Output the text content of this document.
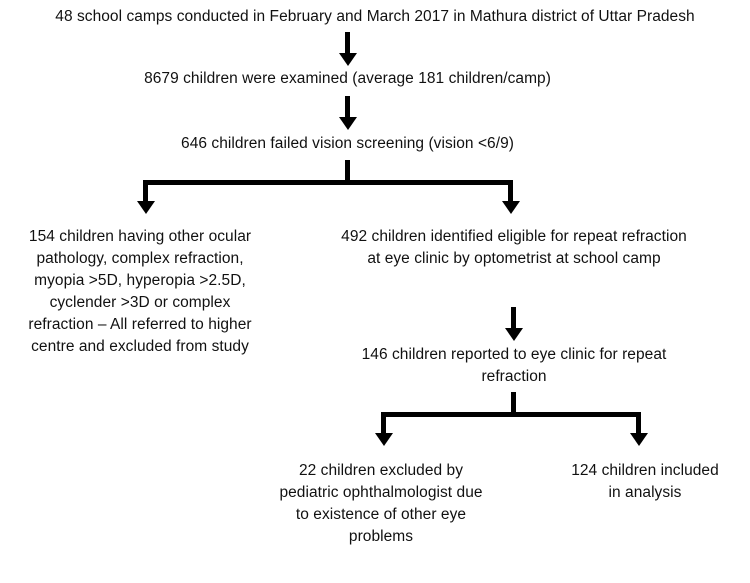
48 school camps conducted in February and March 2017 in Mathura district of Uttar Pradesh
8679 children were examined (average 181 children/camp)
646 children failed vision screening (vision <6/9)
154 children having other ocular pathology, complex refraction, myopia >5D, hyperopia >2.5D, cyclender >3D or complex refraction – All referred to higher centre and excluded from study
492 children identified eligible for repeat refraction at eye clinic by optometrist at school camp
146 children reported to eye clinic for repeat refraction
22 children excluded by pediatric ophthalmologist due to existence of other eye problems
124 children included in analysis
